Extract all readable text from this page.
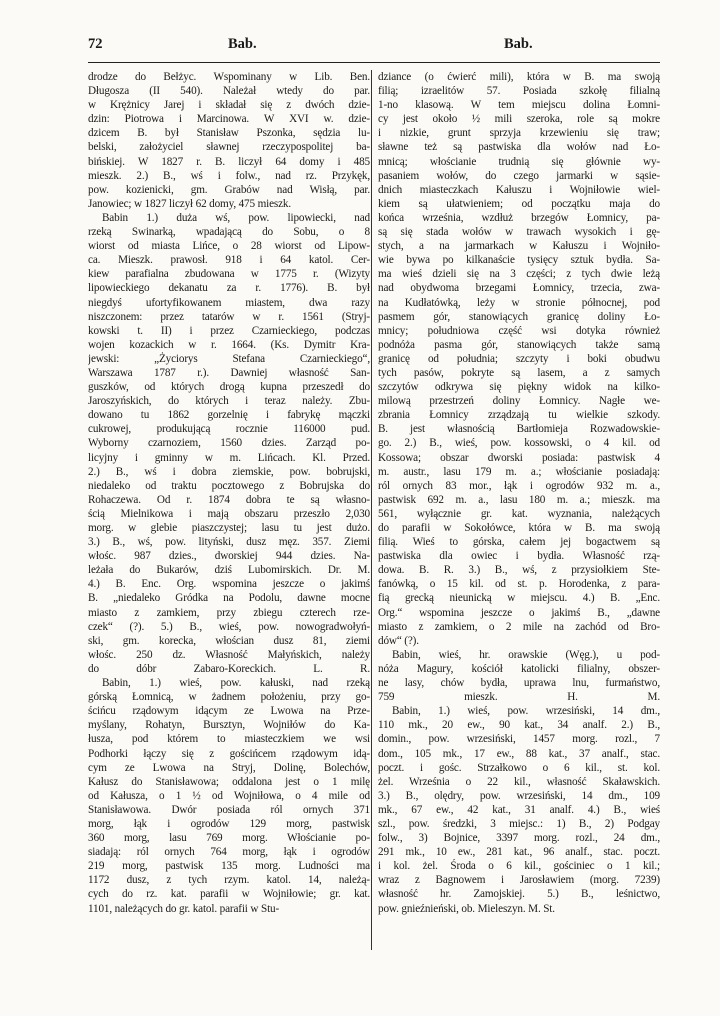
72	Bab.	Bab.
drodze do Bełżyc. Wspominany w Lib. Ben.
Długosza (II 540). Należał wtedy do par.
w Krężnicy Jarej i składał się z dwóch dzie-
dzin: Piotrowa i Marcinowa. W XVI w. dzie-
dzicem B. był Stanisław Pszonka, sędzia lu-
belski, założyciel sławnej rzeczypospolitej ba-
bińskiej. W 1827 r. B. liczył 64 domy i 485
mieszk. 2.) B., wś i folw., nad rz. Przykęk,
pow. kozienicki, gm. Grabów nad Wisłą, par.
Janowiec; w 1827 liczył 62 domy, 475 mieszk.
Babin 1.) duża wś, pow. lipowiecki, nad
rzeką Swinarką, wpadającą do Sobu, o 8
wiorst od miasta Lińce, o 28 wiorst od Lipow-
ca. Mieszk. prawosł. 918 i 64 katol. Cer-
kiew parafialna zbudowana w 1775 r. (Wizyty
lipowieckiego dekanatu za r. 1776). B. był
niegdyś ufortyfikowanem miastem, dwa razy
niszczonem: przez tatarów w r. 1561 (Stryj-
kowski t. II) i przez Czarnieckiego, podczas
wojen kozackich w r. 1664. (Ks. Dymitr Kra-
jewski: „Życiorys Stefana Czarnieckiego“,
Warszawa 1787 r.). Dawniej własność San-
guszków, od których drogą kupna przeszedł do
Jaroszyńskich, do których i teraz należy. Zbu-
dowano tu 1862 gorzelnię i fabrykę mączki
cukrowej, produkującą rocznie 116000 pud.
Wyborny czarnoziem, 1560 dzies. Zarząd po-
licyjny i gminny w m. Lińcach. Kl. Przed.
2.) B., wś i dobra ziemskie, pow. bobrujski,
niedaleko od traktu pocztowego z Bobrujska do
Rohaczewa. Od r. 1874 dobra te są własno-
ścią Mielnikowa i mają obszaru przeszło 2,030
morg. w glebie piaszczystej; lasu tu jest dużo.
3.) B., wś, pow. lityński, dusz męz. 357. Ziemi
włośc. 987 dzies., dworskiej 944 dzies. Na-
leżała do Bukarów, dziś Lubomirskich. Dr. M.
4.) B. Enc. Org. wspomina jeszcze o jakimś
B. „niedaleko Gródka na Podolu, dawne mocne
miasto z zamkiem, przy zbiegu czterech rze-
czek“ (?). 5.) B., wieś, pow. nowogradwołyń-
ski, gm. korecka, włościan dusz 81, ziemi
włośc. 250 dz. Własność Małyńskich, należy
do dóbr Zabaro-Koreckich. L. R.
Babin, 1.) wieś, pow. kałuski, nad rzeką
górską Łomnicą, w żadnem położeniu, przy go-
ścińcu rządowym idącym ze Lwowa na Prze-
myślany, Rohatyn, Bursztyn, Wojniłów do Ka-
łusza, pod którem to miasteczkiem we wsi
Podhorki łączy się z gościńcem rządowym idą-
cym ze Lwowa na Stryj, Dolinę, Bolechów,
Kałusz do Stanisławowa; oddalona jest o 1 milę
od Kałusza, o 1 ½ od Wojniłowa, o 4 mile od
Stanisławowa. Dwór posiada ról ornych 371
morg, łąk i ogrodów 129 morg, pastwisk
360 morg, lasu 769 morg. Włościanie po-
siadają: ról ornych 764 morg, łąk i ogrodów
219 morg, pastwisk 135 morg. Ludności ma
1172 dusz, z tych rzym. katol. 14, należą-
cych do rz. kat. parafii w Wojniłowie; gr. kat.
1101, należących do gr. katol. parafii w Stu-
dziance (o ćwierć mili), która w B. ma swoją
filią; izraelitów 57. Posiada szkołę filialną
1-no klasową. W tem miejscu dolina Łomni-
cy jest około ½ mili szeroka, role są mokre
i nizkie, grunt sprzyja krzewieniu się traw;
sławne też są pastwiska dla wołów nad Ło-
mnicą; włościanie trudnią się głównie wy-
pasaniem wołów, do czego jarmarki w sąsie-
dnich miasteczkach Kałuszu i Wojniłowie wiel-
kiem są ułatwieniem; od początku maja do
końca września, wzdłuż brzegów Łomnicy, pa-
są się stada wołów w trawach wysokich i gę-
stych, a na jarmarkach w Kałuszu i Wojniło-
wie bywa po kilkanaście tysięcy sztuk bydła. Sa-
ma wieś dzieli się na 3 części; z tych dwie leżą
nad obydwoma brzegami Łomnicy, trzecia, zwa-
na Kudłatówką, leży w stronie północnej, pod
pasmem gór, stanowiących granicę doliny Ło-
mnicy; południowa część wsi dotyka również
podnóża pasma gór, stanowiących także samą
granicę od południa; szczyty i boki obudwu
tych pasów, pokryte są lasem, a z samych
szczytów odkrywa się piękny widok na kilko-
milową przestrzeń doliny Łomnicy. Nagłe we-
zbrania Łomnicy zrządzają tu wielkie szkody.
B. jest własnością Bartłomieja Rozwadowskie-
go. 2.) B., wieś, pow. kossowski, o 4 kil. od
Kossowa; obszar dworski posiada: pastwisk 4
m. austr., lasu 179 m. a.; włościanie posiadają:
ról ornych 83 mor., łąk i ogrodów 932 m. a.,
pastwisk 692 m. a., lasu 180 m. a.; mieszk. ma
561, wyłącznie gr. kat. wyznania, należących
do parafii w Sokołówce, która w B. ma swoją
filią. Wieś to górska, całem jej bogactwem są
pastwiska dla owiec i bydła. Własność rzą-
dowa. B. R. 3.) B., wś, z przysiołkiem Ste-
fanówką, o 15 kil. od st. p. Horodenka, z para-
fią grecką nieunicką w miejscu. 4.) B. „Enc.
Org.“ wspomina jeszcze o jakimś B., „dawne
miasto z zamkiem, o 2 mile na zachód od Bro-
dów“ (?).
Babin, wieś, hr. orawskie (Węg.), u pod-
nóża Magury, kościół katolicki filialny, obszer-
ne lasy, chów bydła, uprawa lnu, furmaństwo,
759 mieszk. H. M.
Babin, 1.) wieś, pow. wrzesiński, 14 dm.,
110 mk., 20 ew., 90 kat., 34 analf. 2.) B.,
domin., pow. wrzesiński, 1457 morg. rozl., 7
dom., 105 mk., 17 ew., 88 kat., 37 analf., stac.
poczt. i gośc. Strzałkowo o 6 kil., st. kol.
żel. Września o 22 kil., własność Skaławskich.
3.) B., olędry, pow. wrzesiński, 14 dm., 109
mk., 67 ew., 42 kat., 31 analf. 4.) B., wieś
szl., pow. średzki, 3 miejsc.: 1) B., 2) Podgay
folw., 3) Bojnice, 3397 morg. rozl., 24 dm.,
291 mk., 10 ew., 281 kat., 96 analf., stac. poczt.
i kol. żel. Środa o 6 kil., gościniec o 1 kil.;
wraz z Bagnowem i Jarosławiem (morg. 7239)
własność hr. Zamojskiej. 5.) B., leśnictwo,
pow. gnieźnieński, ob. Mieleszyn. M. St.
